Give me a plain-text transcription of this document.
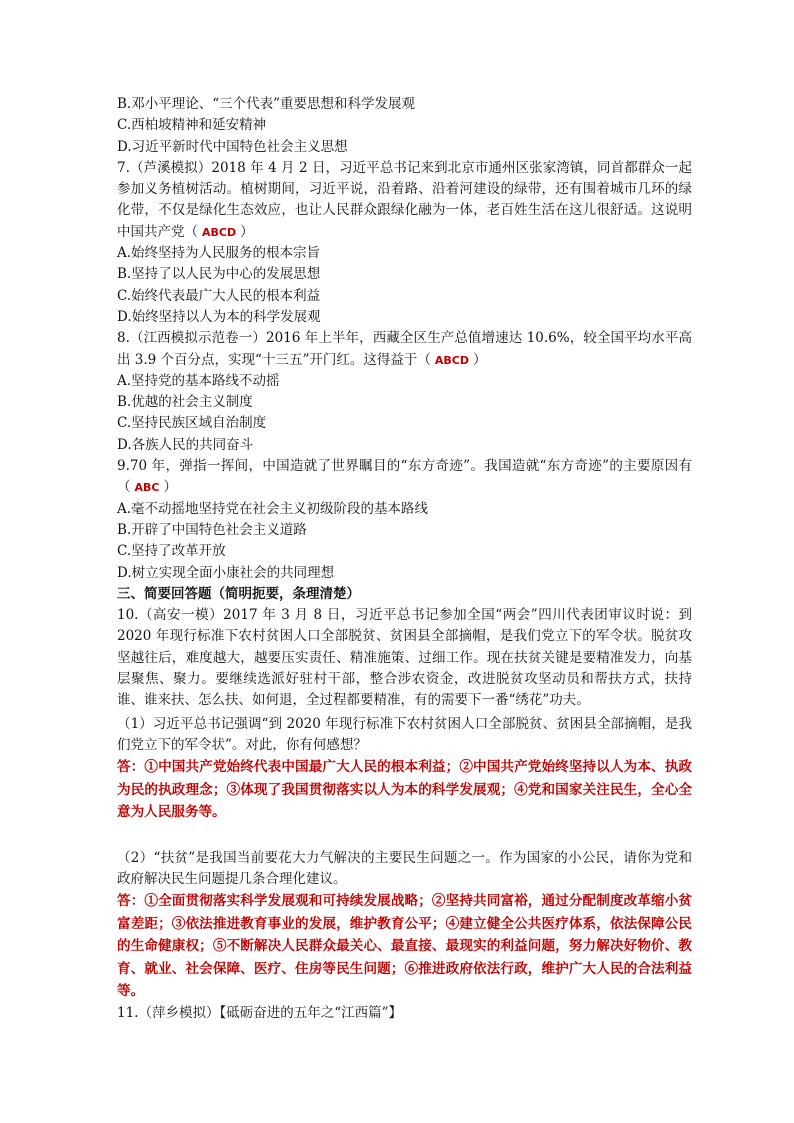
B.邓小平理论、“三个代表”重要思想和科学发展观
C.西柏坡精神和延安精神
D.习近平新时代中国特色社会主义思想
7.（芦溪模拟）2018 年 4 月 2 日，习近平总书记来到北京市通州区张家湾镇，同首都群众一起参加义务植树活动。植树期间，习近平说，沿着路、沿着河建设的绿带，还有围着城市几环的绿化带，不仅是绿化生态效应，也让人民群众跟绿化融为一体，老百姓生活在这儿很舒适。这说明中国共产党（ ABCD ）
A.始终坚持为人民服务的根本宗旨
B.坚持了以人民为中心的发展思想
C.始终代表最广大人民的根本利益
D.始终坚持以人为本的科学发展观
8.（江西模拟示范卷一）2016 年上半年，西藏全区生产总值增速达 10.6%，较全国平均水平高出 3.9 个百分点，实现“十三五”开门红。这得益于（ ABCD ）
A.坚持党的基本路线不动摇
B.优越的社会主义制度
C.坚持民族区域自治制度
D.各族人民的共同奋斗
9.70 年，弹指一挥间，中国造就了世界瞩目的“东方奇迹”。我国造就“东方奇迹”的主要原因有（ ABC ）
A.毫不动摇地坚持党在社会主义初级阶段的基本路线
B.开辟了中国特色社会主义道路
C.坚持了改革开放
D.树立实现全面小康社会的共同理想
三、简要回答题（简明扼要，条理清楚）
10.（高安一模）2017 年 3 月 8 日，习近平总书记参加全国“两会”四川代表团审议时说：到 2020 年现行标准下农村贫困人口全部脱贫、贫困县全部摘帽，是我们党立下的军令状。脱贫攻坚越往后，难度越大，越要压实责任、精准施策、过细工作。现在扶贫关键是要精准发力，向基层聚焦、聚力。要继续选派好驻村干部，整合涉农资金，改进脱贫攻坚动员和帮扶方式，扶持谁、谁来扶、怎么扶、如何退，全过程都要精准，有的需要下一番“绣花”功夫。
（1）习近平总书记强调“到 2020 年现行标准下农村贫困人口全部脱贫、贫困县全部摘帽，是我们党立下的军令状”。对此，你有何感想？
答：①中国共产党始终代表中国最广大人民的根本利益；②中国共产党始终坚持以人为本、执政为民的执政理念；③体现了我国贯彻落实以人为本的科学发展观；④党和国家关注民生，全心全意为人民服务等。
（2）“扶贫”是我国当前要花大力气解决的主要民生问题之一。作为国家的小公民，请你为党和政府解决民生问题提几条合理化建议。
答：①全面贯彻落实科学发展观和可持续发展战略；②坚持共同富裕，通过分配制度改革缩小贫富差距；③依法推进教育事业的发展，维护教育公平；④建立健全公共医疗体系，依法保障公民的生命健康权；⑤不断解决人民群众最关心、最直接、最现实的利益问题，努力解决好物价、教育、就业、社会保障、医疗、住房等民生问题；⑥推进政府依法行政，维护广大人民的合法利益等。
11.（萍乡模拟）【砥砺奋进的五年之“江西篇”】
